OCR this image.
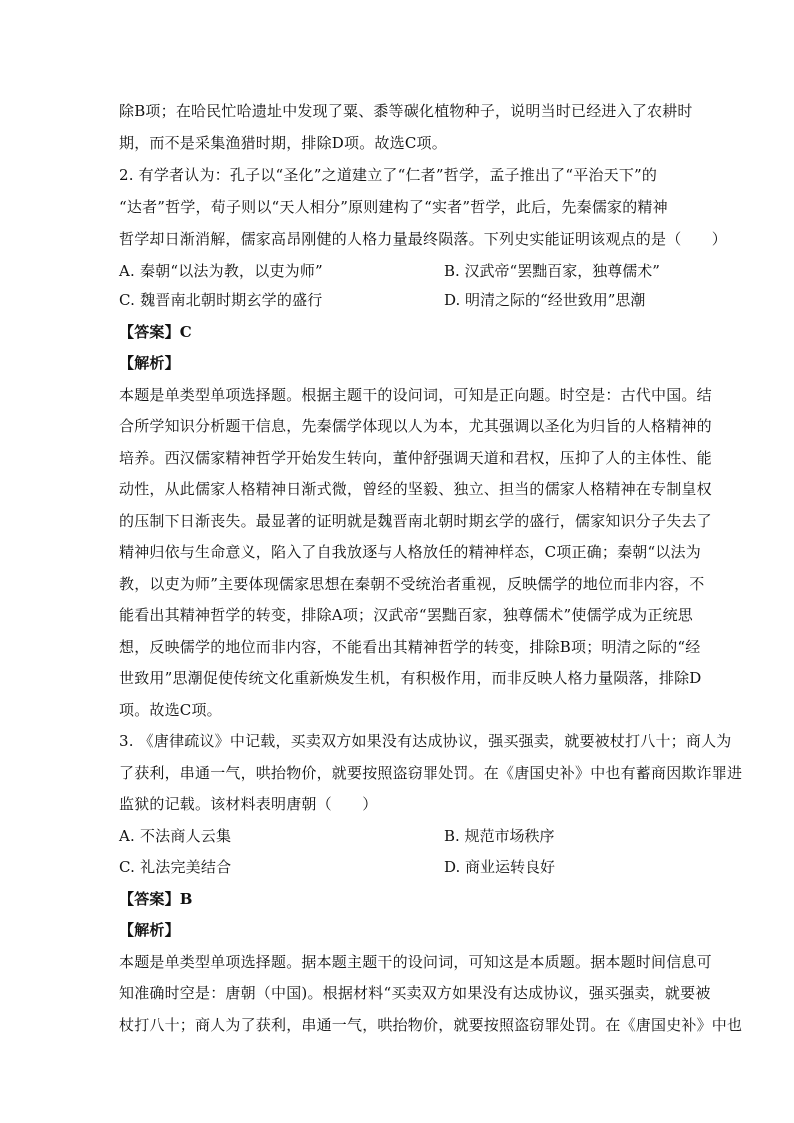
除B项；在哈民忙哈遗址中发现了粟、黍等碳化植物种子，说明当时已经进入了农耕时
期，而不是采集渔猎时期，排除D项。故选C项。
2. 有学者认为：孔子以“圣化”之道建立了“仁者”哲学，孟子推出了“平治天下”的
“达者”哲学，荀子则以“天人相分”原则建构了“实者”哲学，此后，先秦儒家的精神
哲学却日渐消解，儒家高昂刚健的人格力量最终陨落。下列史实能证明该观点的是（　　）
A. 秦朝“以法为教，以吏为师”	B. 汉武帝“罢黜百家，独尊儒术”
C. 魏晋南北朝时期玄学的盛行	D. 明清之际的“经世致用”思潮
【答案】C
【解析】
本题是单类型单项选择题。根据主题干的设问词，可知是正向题。时空是：古代中国。结
合所学知识分析题干信息，先秦儒学体现以人为本，尤其强调以圣化为归旨的人格精神的
培养。西汉儒家精神哲学开始发生转向，董仲舒强调天道和君权，压抑了人的主体性、能
动性，从此儒家人格精神日渐式微，曾经的坚毅、独立、担当的儒家人格精神在专制皇权
的压制下日渐丧失。最显著的证明就是魏晋南北朝时期玄学的盛行，儒家知识分子失去了
精神归依与生命意义，陷入了自我放逐与人格放任的精神样态，C项正确；秦朝“以法为
教，以吏为师”主要体现儒家思想在秦朝不受统治者重视，反映儒学的地位而非内容，不
能看出其精神哲学的转变，排除A项；汉武帝“罢黜百家，独尊儒术”使儒学成为正统思
想，反映儒学的地位而非内容，不能看出其精神哲学的转变，排除B项；明清之际的“经
世致用”思潮促使传统文化重新焕发生机，有积极作用，而非反映人格力量陨落，排除D
项。故选C项。
3. 《唐律疏议》中记载，买卖双方如果没有达成协议，强买强卖，就要被杖打八十；商人为
了获利，串通一气，哄抬物价，就要按照盗窃罪处罚。在《唐国史补》中也有蓄商因欺诈罪进
监狱的记载。该材料表明唐朝（　　）
A. 不法商人云集	B. 规范市场秩序
C. 礼法完美结合	D. 商业运转良好
【答案】B
【解析】
本题是单类型单项选择题。据本题主题干的设问词，可知这是本质题。据本题时间信息可
知准确时空是：唐朝（中国)。根据材料“买卖双方如果没有达成协议，强买强卖，就要被
杖打八十；商人为了获利，串通一气，哄抬物价，就要按照盗窃罪处罚。在《唐国史补》中也
